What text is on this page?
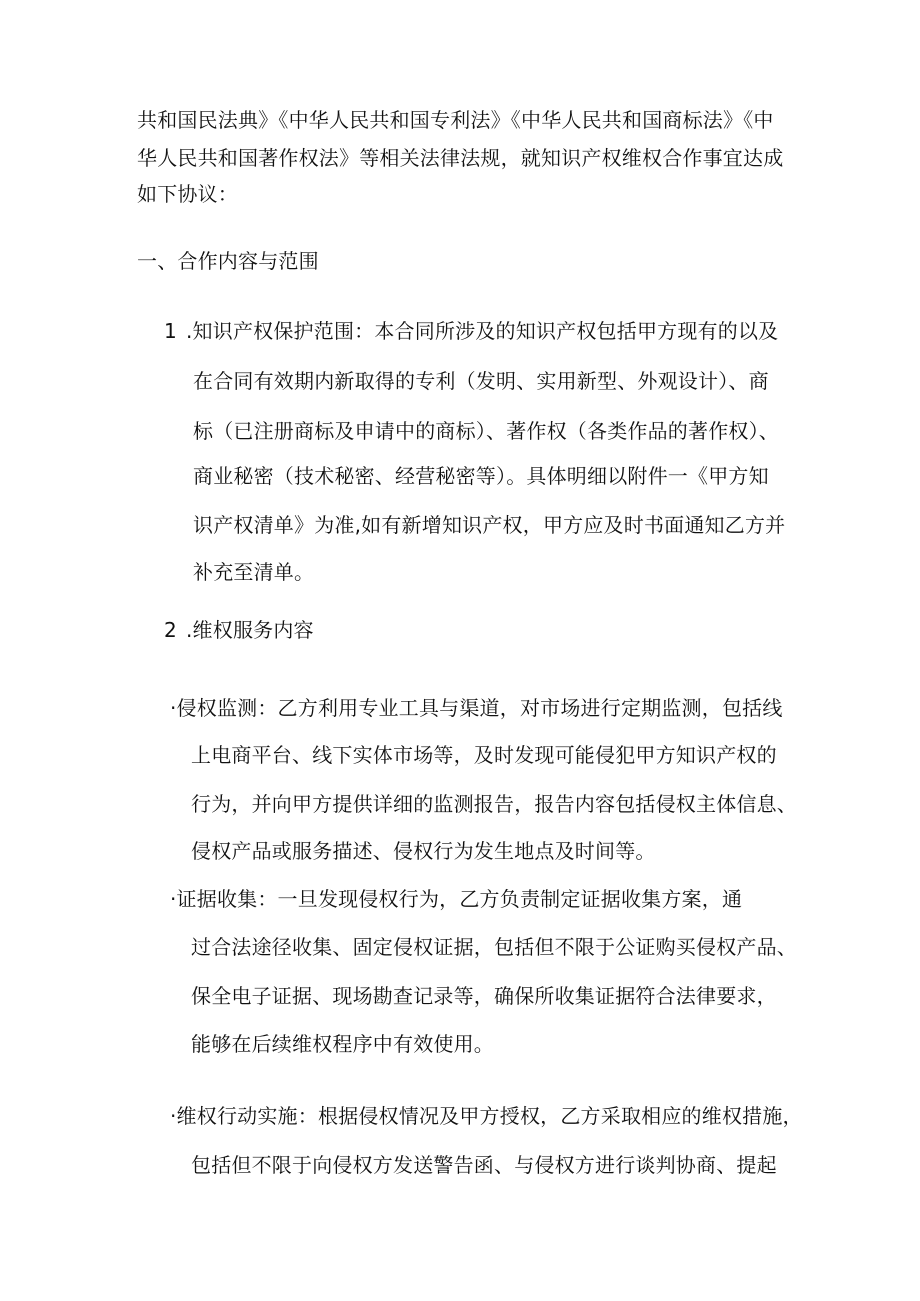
共和国民法典》《中华人民共和国专利法》《中华人民共和国商标法》《中
华人民共和国著作权法》等相关法律法规，就知识产权维权合作事宜达成
如下协议：
一、合作内容与范围
1 .知识产权保护范围：本合同所涉及的知识产权包括甲方现有的以及
在合同有效期内新取得的专利（发明、实用新型、外观设计）、商
标（已注册商标及申请中的商标）、著作权（各类作品的著作权）、
商业秘密（技术秘密、经营秘密等）。具体明细以附件一《甲方知
识产权清单》为准,如有新增知识产权，甲方应及时书面通知乙方并
补充至清单。
2 .维权服务内容
·侵权监测：乙方利用专业工具与渠道，对市场进行定期监测，包括线
上电商平台、线下实体市场等，及时发现可能侵犯甲方知识产权的
行为，并向甲方提供详细的监测报告，报告内容包括侵权主体信息、
侵权产品或服务描述、侵权行为发生地点及时间等。
·证据收集：一旦发现侵权行为，乙方负责制定证据收集方案，通
过合法途径收集、固定侵权证据，包括但不限于公证购买侵权产品、
保全电子证据、现场勘查记录等，确保所收集证据符合法律要求，
能够在后续维权程序中有效使用。
·维权行动实施：根据侵权情况及甲方授权，乙方采取相应的维权措施，
包括但不限于向侵权方发送警告函、与侵权方进行谈判协商、提起
